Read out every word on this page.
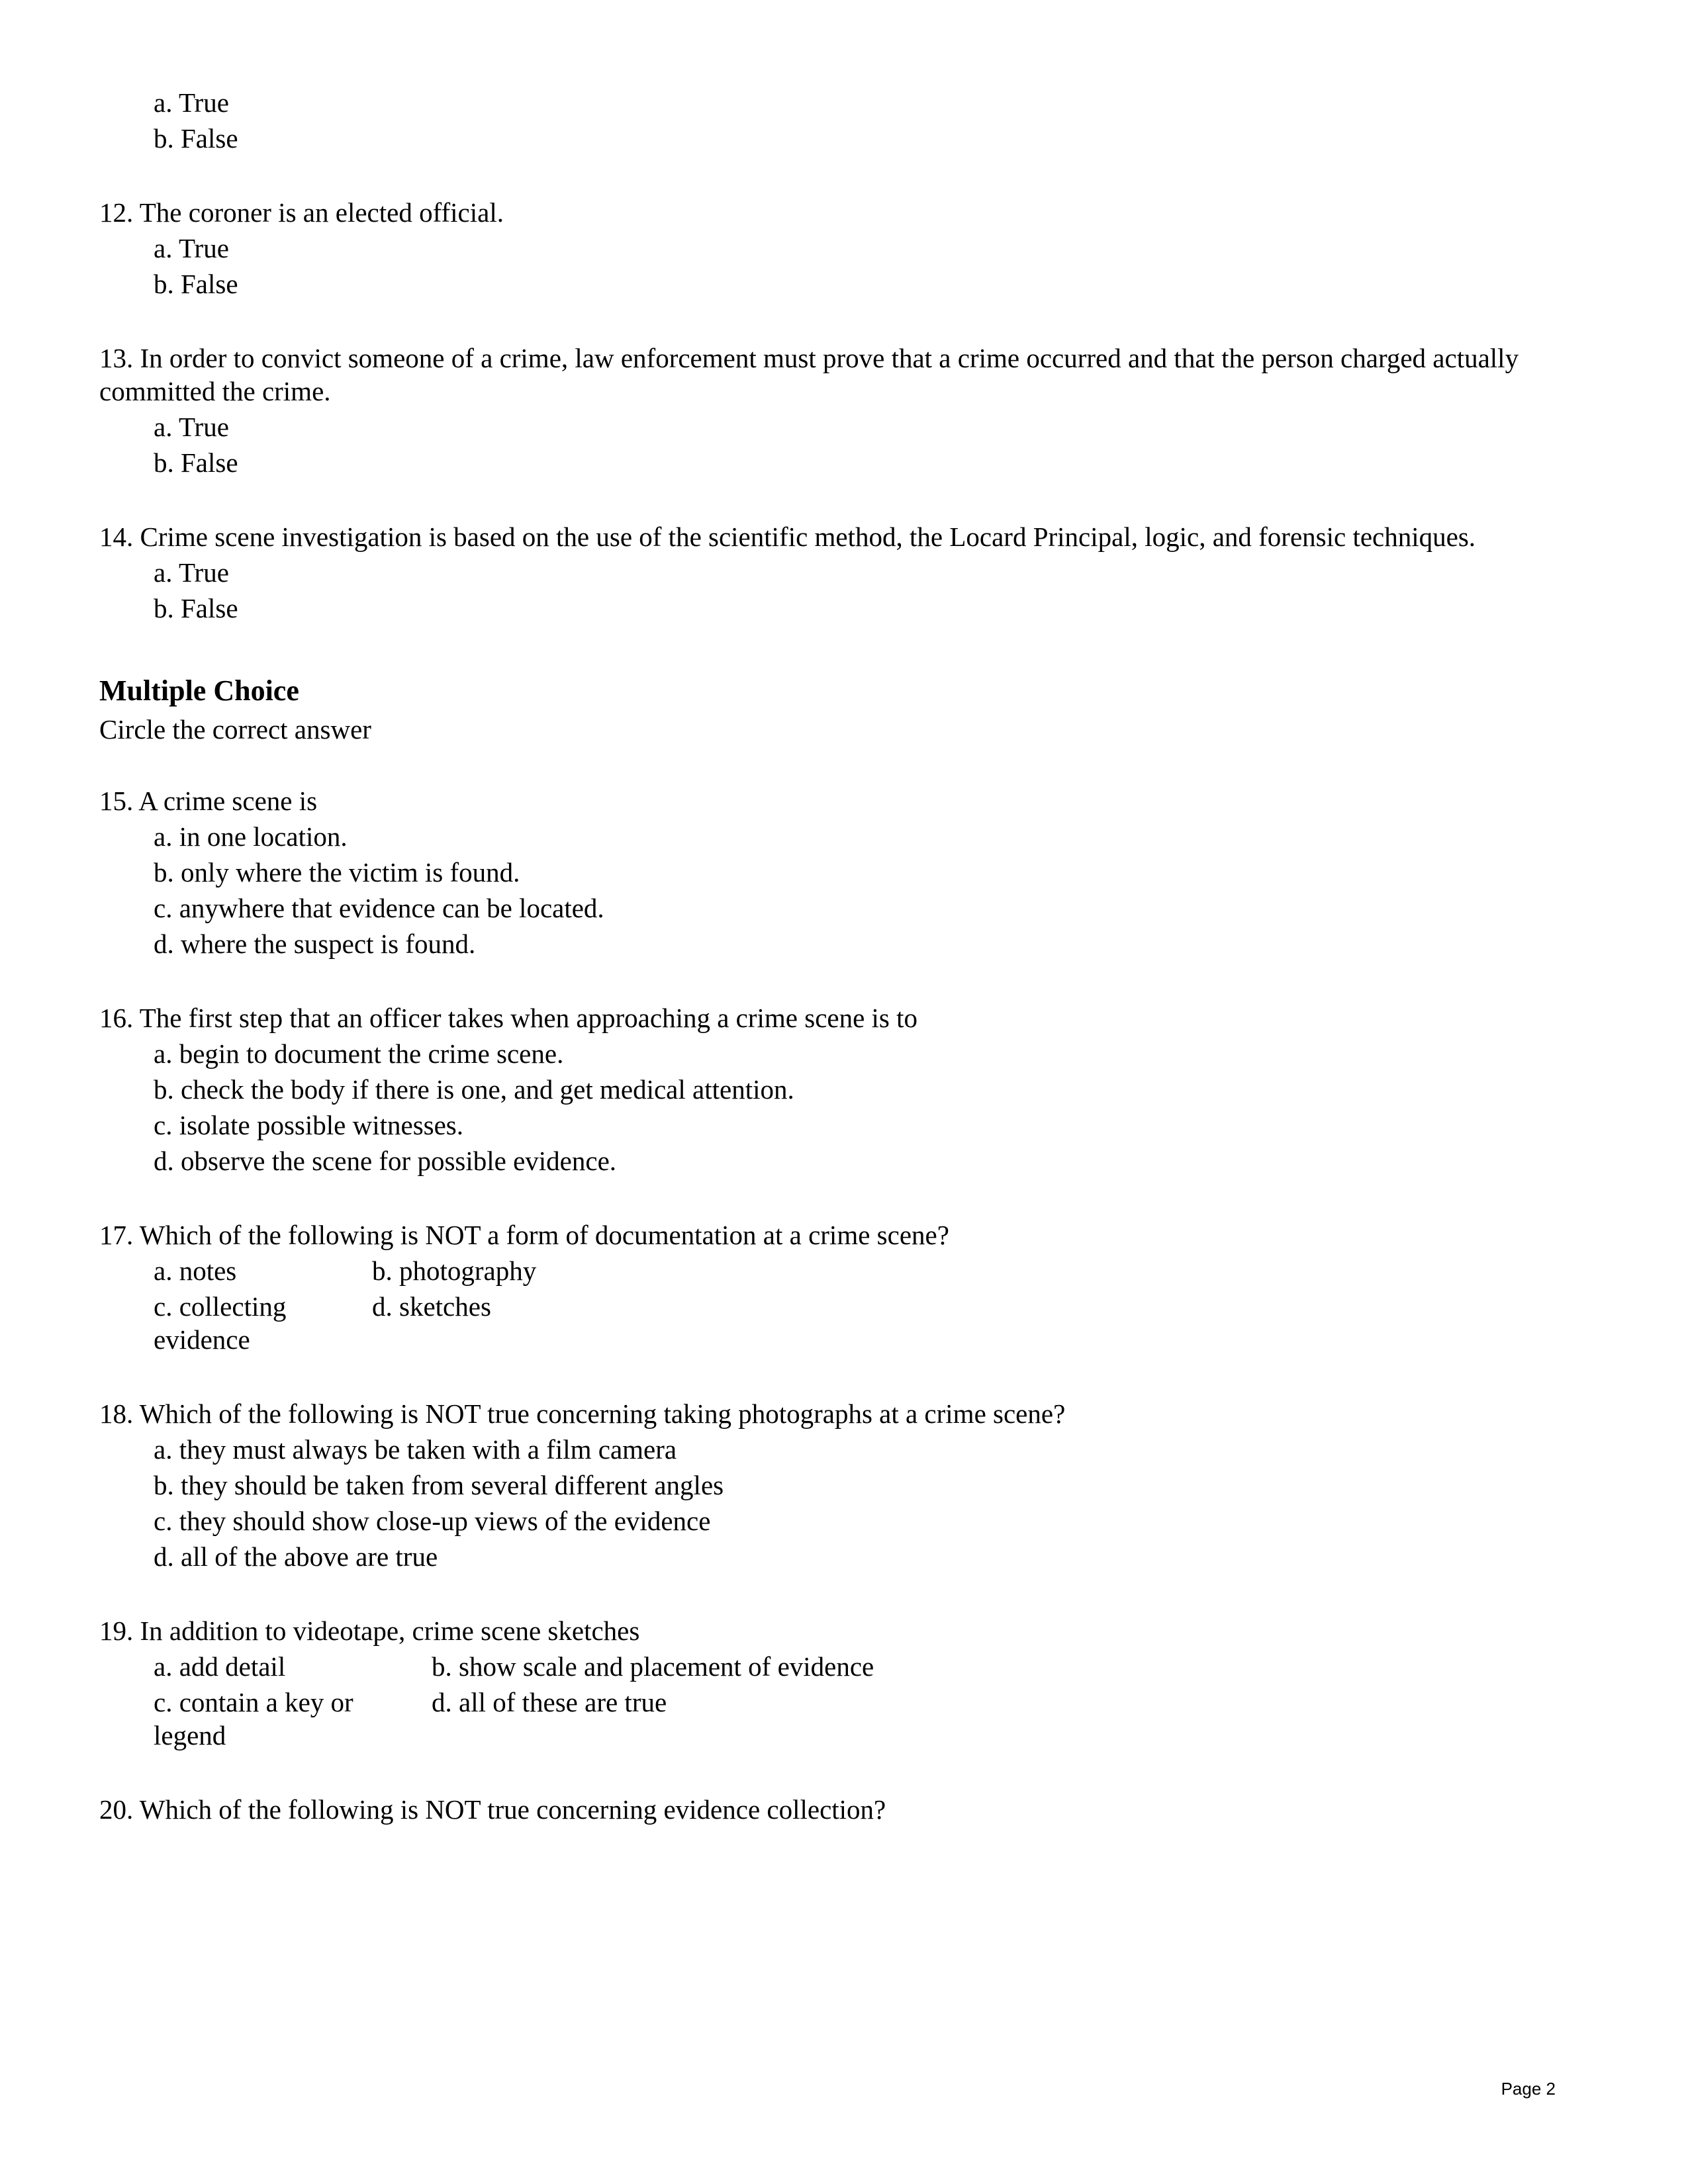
a. True

b. False

12. The coroner is an elected official.

a. True

b. False

13. In order to convict someone of a crime, law enforcement must prove that a crime occurred and that the person charged actually committed the crime.

a. True

b. False

14. Crime scene investigation is based on the use of the scientific method, the Locard Principal, logic, and forensic techniques.

a. True

b. False

Multiple Choice

Circle the correct answer

15. A crime scene is

a. in one location.

b. only where the victim is found.

c. anywhere that evidence can be located.

d. where the suspect is found.

16. The first step that an officer takes when approaching a crime scene is to

a. begin to document the crime scene.

b. check the body if there is one, and get medical attention.

c. isolate possible witnesses.

d. observe the scene for possible evidence.

17. Which of the following is NOT a form of documentation at a crime scene?

a. notes	b. photography
c. collecting evidence
d. sketches

18. Which of the following is NOT true concerning taking photographs at a crime scene?

a. they must always be taken with a film camera

b. they should be taken from several different angles

c. they should show close-up views of the evidence

d. all of the above are true

19. In addition to videotape, crime scene sketches

a. add detail	b. show scale and placement of evidence
c. contain a key or legend
d. all of these are true

20. Which of the following is NOT true concerning evidence collection?

Page 2
